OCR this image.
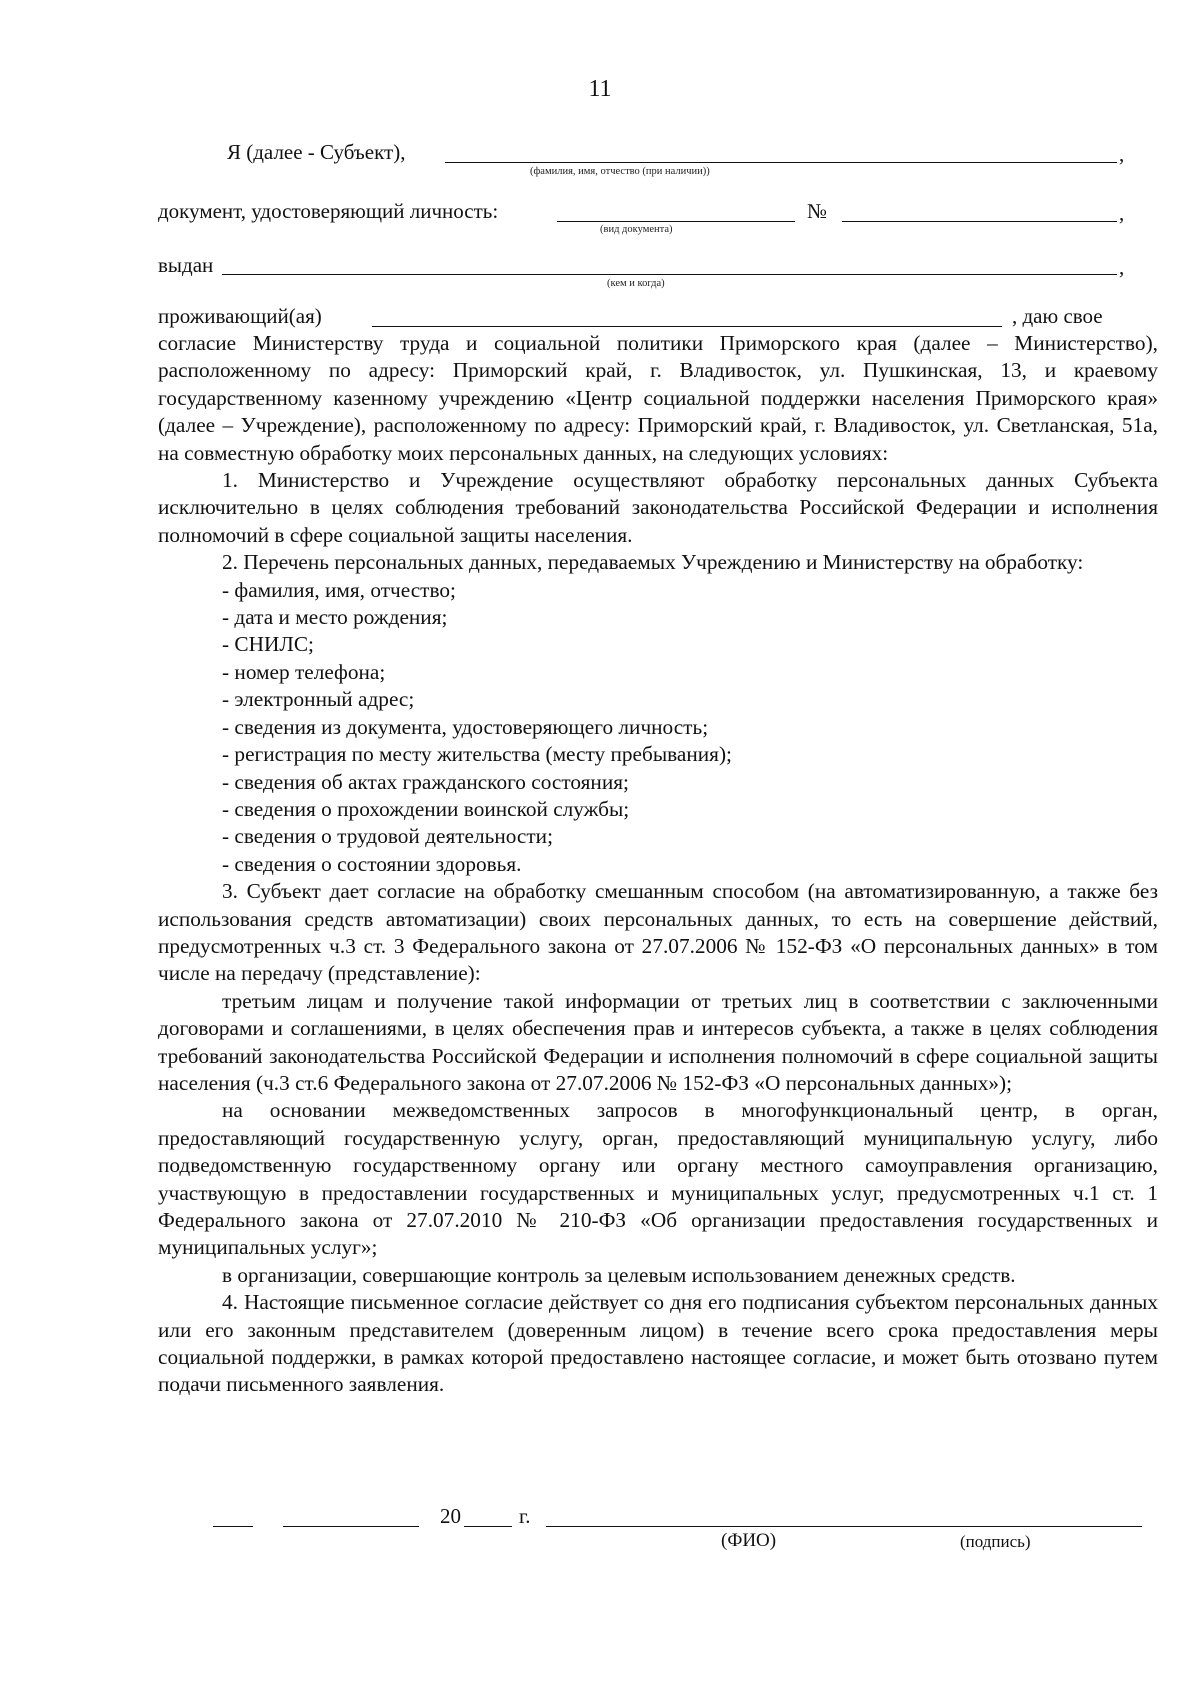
11
Я (далее - Субъект),	,
(фамилия, имя, отчество (при наличии))
документ, удостоверяющий личность:	№	,
(вид документа)
выдан	,
(кем и когда)
проживающий(ая)	, даю свое

согласие Министерству труда и социальной политики Приморского края (далее – Министерство), расположенному по адресу: Приморский край, г. Владивосток, ул. Пушкинская, 13, и краевому государственному казенному учреждению «Центр социальной поддержки населения Приморского края» (далее – Учреждение), расположенному по адресу: Приморский край, г. Владивосток, ул. Светланская, 51а, на совместную обработку моих персональных данных, на следующих условиях:

1. Министерство и Учреждение осуществляют обработку персональных данных Субъекта исключительно в целях соблюдения требований законодательства Российской Федерации и исполнения полномочий в сфере социальной защиты населения.

2. Перечень персональных данных, передаваемых Учреждению и Министерству на обработку:

- фамилия, имя, отчество;
- дата и место рождения;
- СНИЛС;
- номер телефона;
- электронный адрес;
- сведения из документа, удостоверяющего личность;
- регистрация по месту жительства (месту пребывания);
- сведения об актах гражданского состояния;
- сведения о прохождении воинской службы;
- сведения о трудовой деятельности;
- сведения о состоянии здоровья.

3. Субъект дает согласие на обработку смешанным способом (на автоматизированную, а также без использования средств автоматизации) своих персональных данных, то есть на совершение действий, предусмотренных ч.3 ст. 3 Федерального закона от 27.07.2006 № 152-ФЗ «О персональных данных» в том числе на передачу (представление):

третьим лицам и получение такой информации от третьих лиц в соответствии с заключенными договорами и соглашениями, в целях обеспечения прав и интересов субъекта, а также в целях соблюдения требований законодательства Российской Федерации и исполнения полномочий в сфере социальной защиты населения (ч.3 ст.6 Федерального закона от 27.07.2006 № 152-ФЗ «О персональных данных»);

на основании межведомственных запросов в многофункциональный центр, в орган, предоставляющий государственную услугу, орган, предоставляющий муниципальную услугу, либо подведомственную государственному органу или органу местного самоуправления организацию, участвующую в предоставлении государственных и муниципальных услуг, предусмотренных ч.1 ст. 1 Федерального закона от 27.07.2010 № 210-ФЗ «Об организации предоставления государственных и муниципальных услуг»;

в организации, совершающие контроль за целевым использованием денежных средств.

4. Настоящие письменное согласие действует со дня его подписания субъектом персональных данных или его законным представителем (доверенным лицом) в течение всего срока предоставления меры социальной поддержки, в рамках которой предоставлено настоящее согласие, и может быть отозвано путем подачи письменного заявления.

20	г.
(ФИО)	(подпись)
